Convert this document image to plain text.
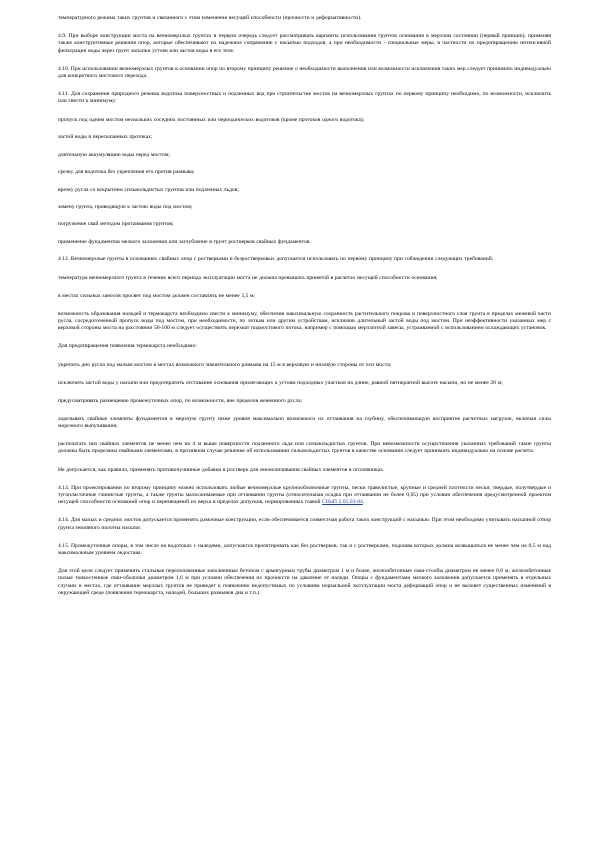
температурного режима таких грунтов и связанного с этим изменения несущей способности (прочности и деформативности).

4.9. При выборе конструкции моста на вечномерзлых грунтах в первую очередь следует рассматривать варианты использования грунтов основания в мерзлом состоянии (первый принцип), применяя также конструктивные решения опор, которые обеспечивают их надежное сопряжение с насыпью подходов, а при необходимости - специальные меры, в частности по предотвращению интенсивной фильтрации воды через грунт засыпки устоев или застоя воды в его теле.

4.10. При использовании вечномерзлых грунтов в основании опор по второму принципу решение о необходимости выполнения или возможности исключения таких мер следует принимать индивидуально для конкретного мостового перехода.

4.11. Для сохранения природного режима водотока поверхностных и подземных вод при строительстве мостов на вечномерзлых грунтах по первому принципу необходимо, по возможности, исключить или свести к минимуму:

пропуск под одним мостом нескольких соседних постоянных или периодических водотоков (кроме протоков одного водотока);

застой воды в пересыпанных протоках;

длительную аккумуляцию воды перед мостом;

срезку для водотока без укрепления его против размыва;

врезку русла со вскрытием сильнольдистых грунтов или подземных льдов;

замену грунта, приводящую к застою воды под мостом;

погружение свай методом протаивания грунтов;

применение фундаментов мелкого заложения или заглубление в грунт ростверков свайных фундаментов.

4.12. Вечномерзлые грунты в основаниях свайных опор с ростверками и безростверковых допускается использовать по первому принципу при соблюдении следующих требований:

температура вечномерзлого грунта в течение всего периода эксплуатации моста не должна превышать принятой в расчетах несущей способности основания;

в местах сильных заносов просвет под мостом должен составлять не менее 3,5 м;

возможность образования наледей и термокарста необходимо свести к минимуму, обеспечив максимальную сохранность растительного покрова и поверхностного слоя грунта в пределах межевой части русла, сосредоточенный пропуск воды под мостом, при необходимости, по лоткам или другим устройствам, исключив длительный застой воды под мостом. При неэффективности указанных мер с верховой стороны моста на расстоянии 50-100 м следует осуществить перехват подмостового потока, например с помощью мерзлотной завесы, устраиваемой с использованием охлаждающих установок.

Для предотвращения появления термокарста необходимо:

укрепить дно русла под малым мостом в местах возможного значительного размыва на 15 м в верховую и низовую стороны от оси моста;

исключить застой воды у насыпи или предотвратить отставание основания прилегающих к устоям подходных участков на длине, равной пятикратной высоте насыпи, но не менее 20 м;

предусматривать размещение промежуточных опор, по возможности, вне пределов меженного русла;

заделывать свайные элементы фундаментов в мерзлую грунту ниже уровня максимально возможного их оттаивания на глубину, обеспечивающую восприятие расчетных нагрузок, включая силы морозного выпучивания;

располагать низ свайных элементов не менее чем на 4 м выше поверхности подземного льда или сильнольдистых грунтов. При невозможности осуществления указанных требований такие грунты должны быть прорезаны свайными элементами, в противном случае решение об использовании сильнольдистых грунтов в качестве основания следует принимать индивидуально на основе расчета.

Не допускается, как правило, применять противопучинные добавки в ростверк для омоноличивания свайных элементов в оголовниках.

4.13. При проектировании по второму принципу можно использовать любые вечномерзлые крупнообломочные грунты, пески гравелистые, крупные и средней плотности пески, твердые, полутвердые и тугопластичные глинистые грунты, а также грунты малосжимаемые при оттаивании грунты (относительная осадка при оттаивании не более 0,05) при условии обеспечения предусмотренной проектом несущей способности оснований опор и перемещений их верха в пределах допусков, нормированных главой СНиП 2.05.03-84.

4.14. Для малых и средних мостов допускается применять рамочные конструкции, если обеспечивается совместная работа таких конструкций с насыпью. При этом необходимо учитывать насыпной отпор грунта земляного полотна насыпи.

4.15. Промежуточные опоры, в том числе на водотоках с наледями, допускается проектировать как без ростверков, так и с ростверками, подошва которых должна возвышаться не менее чем на 0,5 м над максимальным уровнем ледостава.

Для этой цели следует применять стальные перелопаченные заполненные бетоном с арматурным трубы диаметром 1 м и более, железобетонные сваи-столбы диаметром не менее 0,8 м, железобетонные полые тонкостенные сваи-оболочки диаметром 1,6 м при условии обеспечения их прочности на давление от наледи. Опоры с фундаментами мелкого заложения допускается применять в отдельных случаях в местах, где оттаивание мерзлых грунтов не приведет к появлению недопустимых по условиям нормальной эксплуатации моста деформаций опор и не вызовет существенных изменений в окружающей среде (появления термокарста, наледей, больших размывов дна и т.п.).
